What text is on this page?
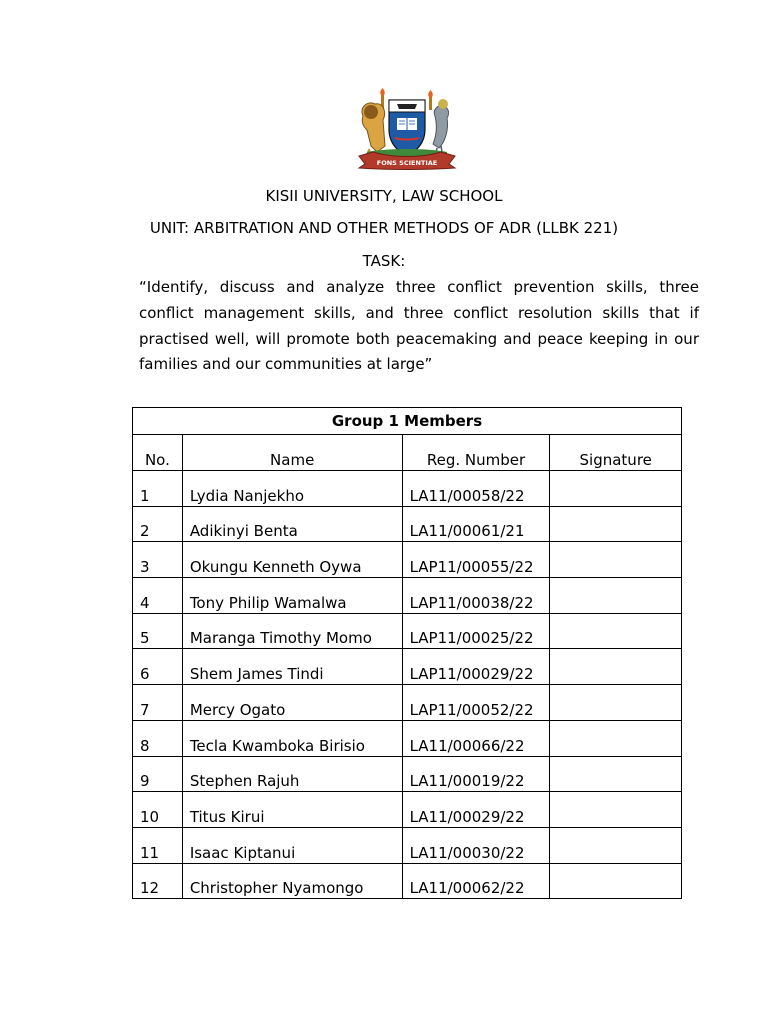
FONS SCIENTIAE
KISII UNIVERSITY, LAW SCHOOL
UNIT: ARBITRATION AND OTHER METHODS OF ADR (LLBK 221)
TASK:

“Identify, discuss and analyze three conflict prevention skills, three conflict management skills, and three conflict resolution skills that if practised well, will promote both peacemaking and peace keeping in our families and our communities at large”

Group 1 Members			
No.	Name	Reg. Number	Signature
1	Lydia Nanjekho	LA11/00058/22	
2	Adikinyi Benta	LA11/00061/21	
3	Okungu Kenneth Oywa	LAP11/00055/22	
4	Tony Philip Wamalwa	LAP11/00038/22	
5	Maranga Timothy Momo	LAP11/00025/22	
6	Shem James Tindi	LAP11/00029/22	
7	Mercy Ogato	LAP11/00052/22	
8	Tecla Kwamboka Birisio	LA11/00066/22	
9	Stephen Rajuh	LA11/00019/22	
10	Titus Kirui	LA11/00029/22	
11	Isaac Kiptanui	LA11/00030/22	
12	Christopher Nyamongo	LA11/00062/22	
